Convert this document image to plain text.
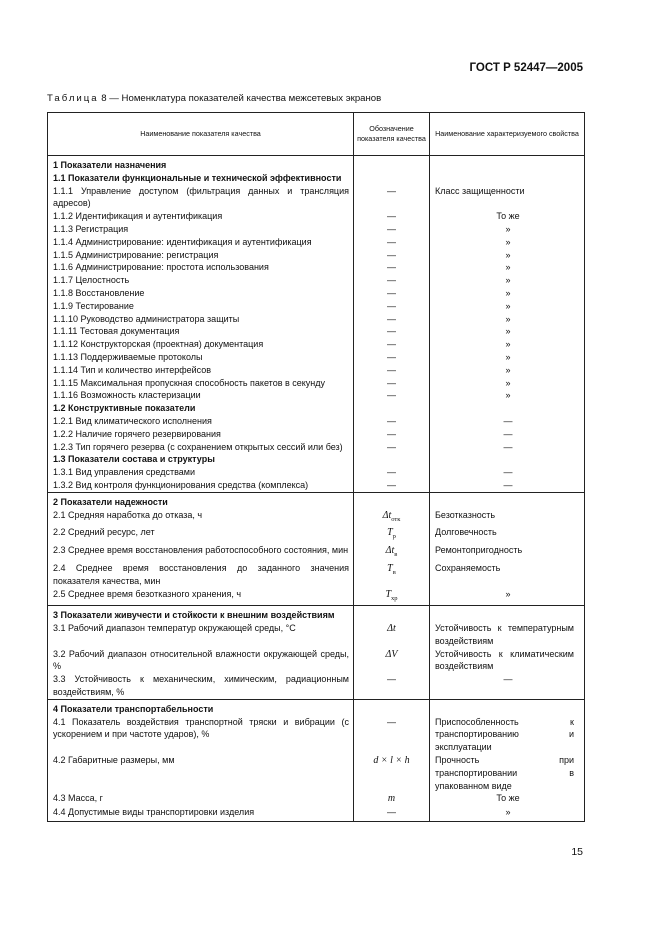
ГОСТ Р 52447—2005
Таблица 8 — Номенклатура показателей качества межсетевых экранов
Наименование показателя качества	Обозначение показателя качества	Наименование характеризуемого свойства
1 Показатели назначения		
1.1 Показатели функциональные и технической эффективности		
1.1.1 Управление доступом (фильтрация данных и трансляция адресов)	—	Класс защищенности
1.1.2 Идентификация и аутентификация	—	То же
1.1.3 Регистрация	—	»
1.1.4 Администрирование: идентификация и аутентификация	—	»
1.1.5 Администрирование: регистрация	—	»
1.1.6 Администрирование: простота использования	—	»
1.1.7 Целостность	—	»
1.1.8 Восстановление	—	»
1.1.9 Тестирование	—	»
1.1.10 Руководство администратора защиты	—	»
1.1.11 Тестовая документация	—	»
1.1.12 Конструкторская (проектная) документация	—	»
1.1.13 Поддерживаемые протоколы	—	»
1.1.14 Тип и количество интерфейсов	—	»
1.1.15 Максимальная пропускная способность пакетов в секунду	—	»
1.1.16 Возможность кластеризации	—	»
1.2 Конструктивные показатели		
1.2.1 Вид климатического исполнения	—	—
1.2.2 Наличие горячего резервирования	—	—
1.2.3 Тип горячего резерва (с сохранением открытых сессий или без)	—	—
1.3 Показатели состава и структуры		
1.3.1 Вид управления средствами	—	—
1.3.2 Вид контроля функционирования средства (комплекса)	—	—
2 Показатели надежности		
2.1 Средняя наработка до отказа, ч	$\Delta t_{отк}$	Безотказность
2.2 Средний ресурс, лет	$T_р$	Долговечность
2.3 Среднее время восстановления работоспособного состояния, мин	$\Delta t_в$	Ремонтопригодность
2.4 Среднее время восстановления до заданного значения показателя качества, мин	$T_в$	Сохраняемость
2.5 Среднее время безотказного хранения, ч	$T_{хр}$	»
3 Показатели живучести и стойкости к внешним воздействиям		
3.1 Рабочий диапазон температур окружающей среды, °С	Δt	Устойчивость к температурным воздействиям
3.2 Рабочий диапазон относительной влажности окружающей среды, %	ΔV	Устойчивость к климатическим воздействиям
3.3 Устойчивость к механическим, химическим, радиационным воздействиям, %	—	—
4 Показатели транспортабельности		
4.1 Показатель воздействия транспортной тряски и вибрации (с ускорением и при частоте ударов), %	—	Приспособленность к транспортированию и эксплуатации
4.2 Габаритные размеры, мм	d × l × h	Прочность при транспортировании в упакованном виде
4.3 Масса, г	m	То же
4.4 Допустимые виды транспортировки изделия	—	»
15
